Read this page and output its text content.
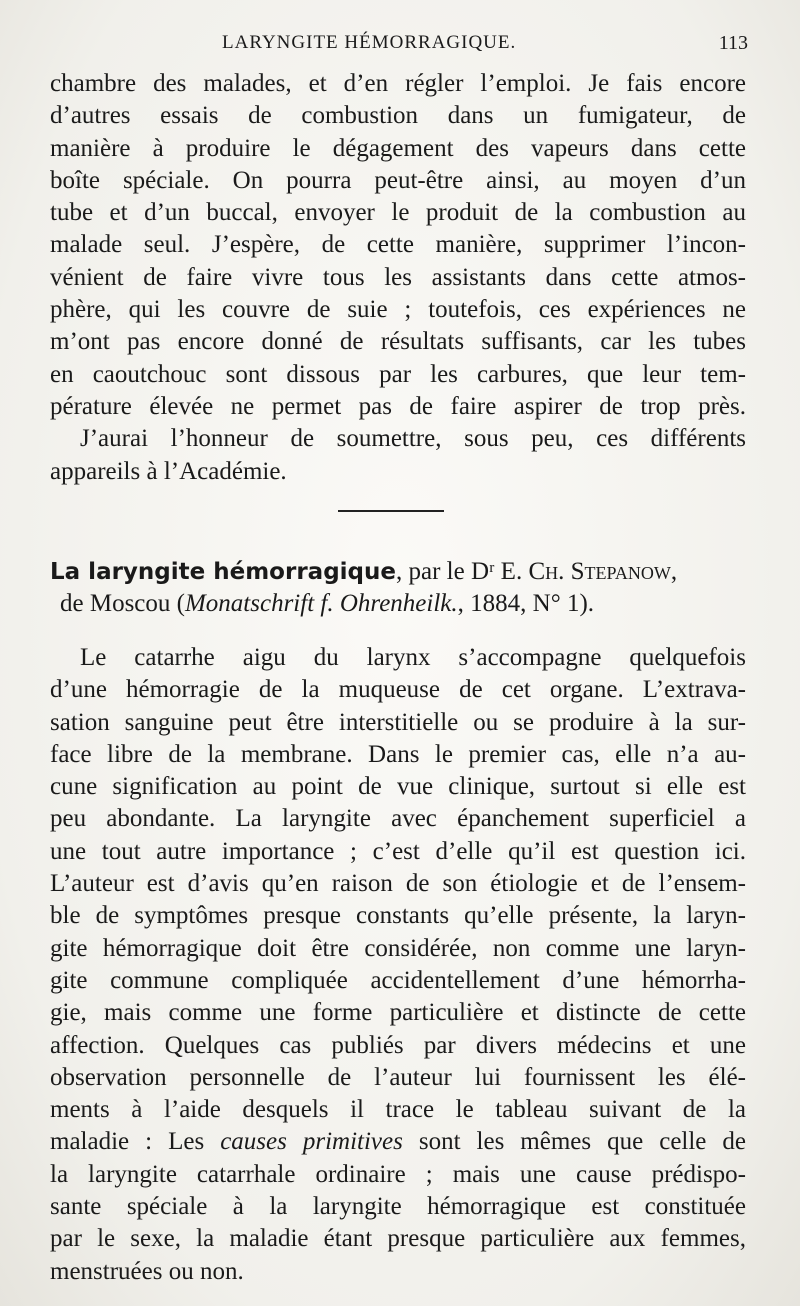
LARYNGITE HÉMORRAGIQUE.	113
chambre des malades, et d’en régler l’emploi. Je fais encore
d’autres essais de combustion dans un fumigateur, de
manière à produire le dégagement des vapeurs dans cette
boîte spéciale. On pourra peut-être ainsi, au moyen d’un
tube et d’un buccal, envoyer le produit de la combustion au
malade seul. J’espère, de cette manière, supprimer l’incon-
vénient de faire vivre tous les assistants dans cette atmos-
phère, qui les couvre de suie ; toutefois, ces expériences ne
m’ont pas encore donné de résultats suffisants, car les tubes
en caoutchouc sont dissous par les carbures, que leur tem-
pérature élevée ne permet pas de faire aspirer de trop près.
J’aurai l’honneur de soumettre, sous peu, ces différents
appareils à l’Académie.
La laryngite hémorragique, par le Dʳ E. Ch. Stepanow,
de Moscou (Monatschrift f. Ohrenheilk., 1884, N° 1).
Le catarrhe aigu du larynx s’accompagne quelquefois
d’une hémorragie de la muqueuse de cet organe. L’extrava-
sation sanguine peut être interstitielle ou se produire à la sur-
face libre de la membrane. Dans le premier cas, elle n’a au-
cune signification au point de vue clinique, surtout si elle est
peu abondante. La laryngite avec épanchement superficiel a
une tout autre importance ; c’est d’elle qu’il est question ici.
L’auteur est d’avis qu’en raison de son étiologie et de l’ensem-
ble de symptômes presque constants qu’elle présente, la laryn-
gite hémorragique doit être considérée, non comme une laryn-
gite commune compliquée accidentellement d’une hémorrha-
gie, mais comme une forme particulière et distincte de cette
affection. Quelques cas publiés par divers médecins et une
observation personnelle de l’auteur lui fournissent les élé-
ments à l’aide desquels il trace le tableau suivant de la
maladie : Les causes primitives sont les mêmes que celle de
la laryngite catarrhale ordinaire ; mais une cause prédispo-
sante spéciale à la laryngite hémorragique est constituée
par le sexe, la maladie étant presque particulière aux femmes,
menstruées ou non.
